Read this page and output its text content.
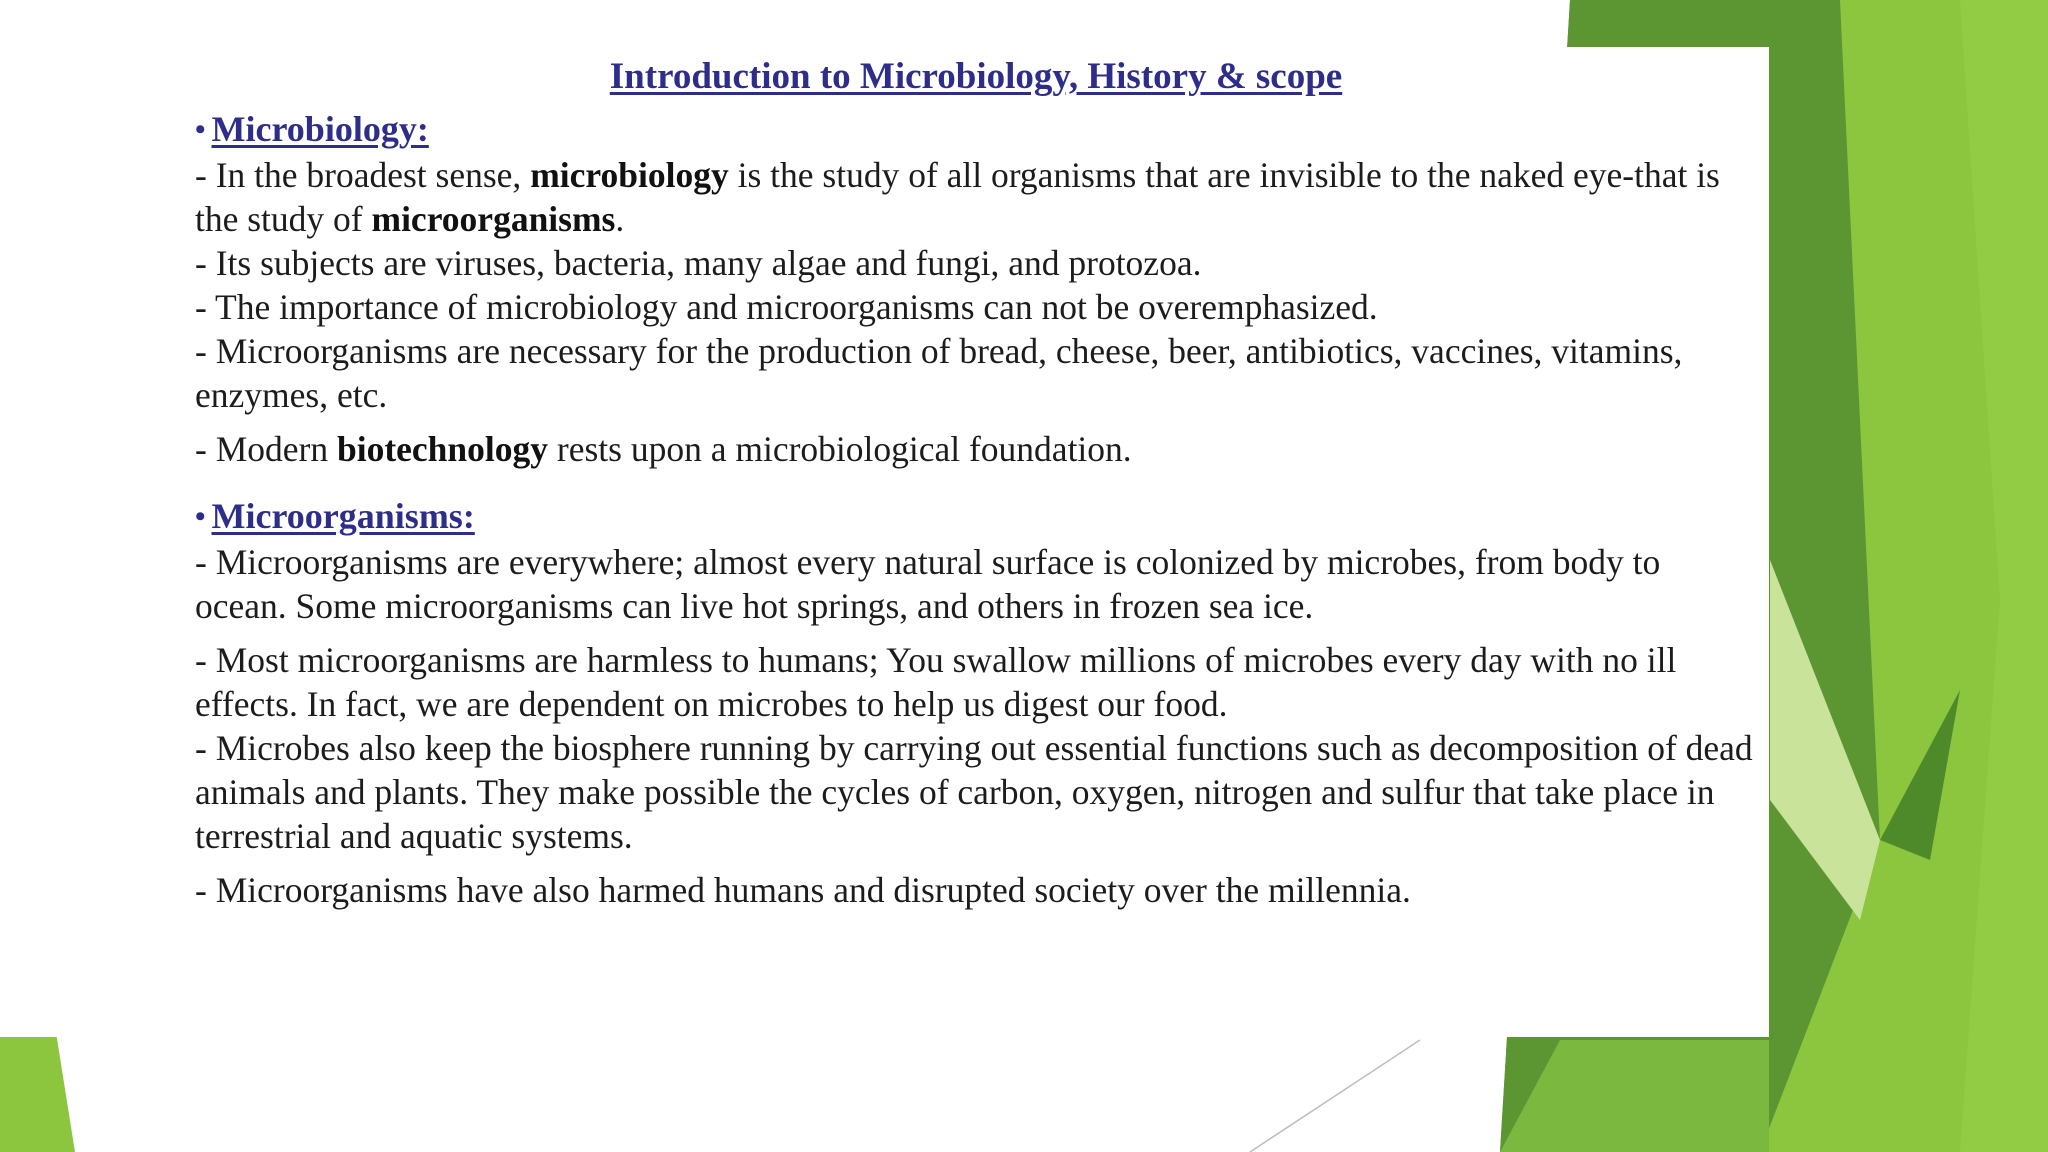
Introduction to Microbiology, History & scope
• Microbiology:

- In the broadest sense, microbiology is the study of all organisms that are invisible to the naked eye-that is the study of microorganisms.

- Its subjects are viruses, bacteria, many algae and fungi, and protozoa.

- The importance of microbiology and microorganisms can not be overemphasized.

- Microorganisms are necessary for the production of bread, cheese, beer, antibiotics, vaccines, vitamins, enzymes, etc.

- Modern biotechnology rests upon a microbiological foundation.

• Microorganisms:

- Microorganisms are everywhere; almost every natural surface is colonized by microbes, from body to ocean. Some microorganisms can live hot springs, and others in frozen sea ice.

- Most microorganisms are harmless to humans; You swallow millions of microbes every day with no ill effects. In fact, we are dependent on microbes to help us digest our food.

- Microbes also keep the biosphere running by carrying out essential functions such as decomposition of dead animals and plants. They make possible the cycles of carbon, oxygen, nitrogen and sulfur that take place in terrestrial and aquatic systems.

- Microorganisms have also harmed humans and disrupted society over the millennia.
